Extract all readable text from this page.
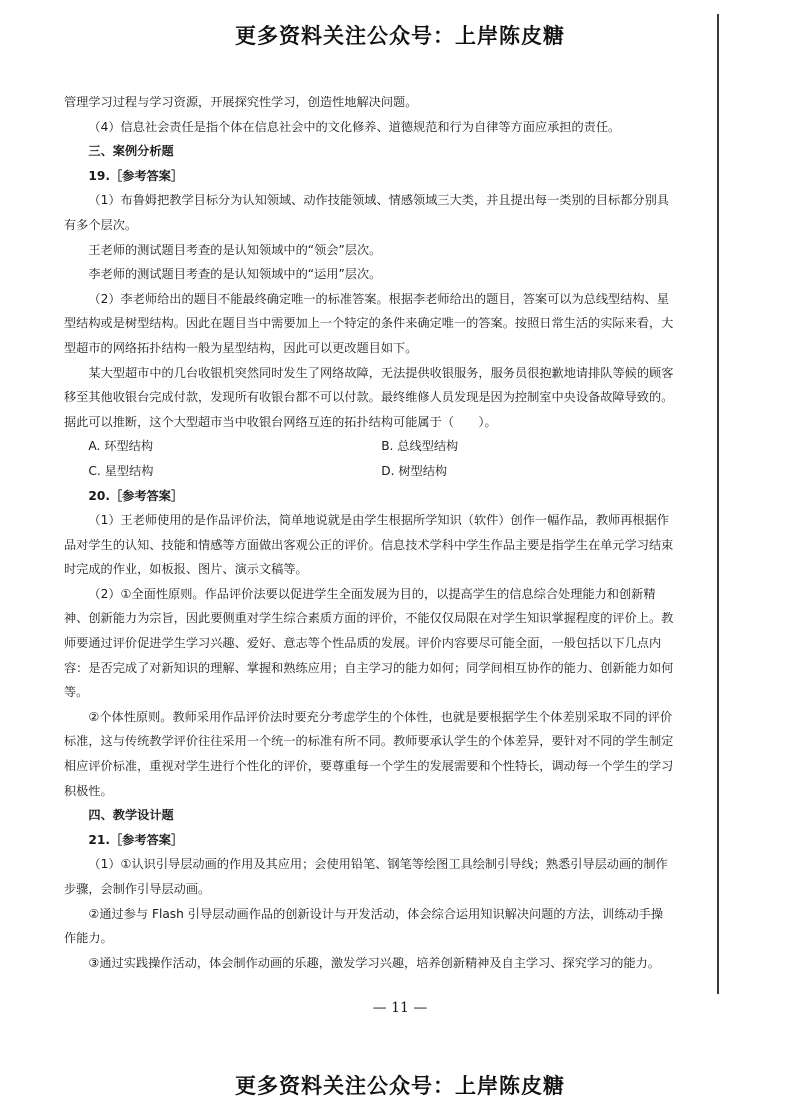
更多资料关注公众号：上岸陈皮糖

管理学习过程与学习资源，开展探究性学习，创造性地解决问题。

（4）信息社会责任是指个体在信息社会中的文化修养、道德规范和行为自律等方面应承担的责任。

三、案例分析题

19.［参考答案］

（1）布鲁姆把教学目标分为认知领域、动作技能领域、情感领域三大类，并且提出每一类别的目标都分别具有多个层次。

王老师的测试题目考查的是认知领域中的“领会”层次。

李老师的测试题目考查的是认知领域中的“运用”层次。

（2）李老师给出的题目不能最终确定唯一的标准答案。根据李老师给出的题目，答案可以为总线型结构、星型结构或是树型结构。因此在题目当中需要加上一个特定的条件来确定唯一的答案。按照日常生活的实际来看，大型超市的网络拓扑结构一般为星型结构，因此可以更改题目如下。

某大型超市中的几台收银机突然同时发生了网络故障，无法提供收银服务，服务员很抱歉地请排队等候的顾客移至其他收银台完成付款，发现所有收银台都不可以付款。最终维修人员发现是因为控制室中央设备故障导致的。据此可以推断，这个大型超市当中收银台网络互连的拓扑结构可能属于（　　）。

A. 环型结构	B. 总线型结构
C. 星型结构	D. 树型结构

20.［参考答案］

（1）王老师使用的是作品评价法，简单地说就是由学生根据所学知识（软件）创作一幅作品，教师再根据作品对学生的认知、技能和情感等方面做出客观公正的评价。信息技术学科中学生作品主要是指学生在单元学习结束时完成的作业，如板报、图片、演示文稿等。

（2）①全面性原则。作品评价法要以促进学生全面发展为目的，以提高学生的信息综合处理能力和创新精神、创新能力为宗旨，因此要侧重对学生综合素质方面的评价，不能仅仅局限在对学生知识掌握程度的评价上。教师要通过评价促进学生学习兴趣、爱好、意志等个性品质的发展。评价内容要尽可能全面，一般包括以下几点内容：是否完成了对新知识的理解、掌握和熟练应用；自主学习的能力如何；同学间相互协作的能力、创新能力如何等。

②个体性原则。教师采用作品评价法时要充分考虑学生的个体性，也就是要根据学生个体差别采取不同的评价标准，这与传统教学评价往往采用一个统一的标准有所不同。教师要承认学生的个体差异，要针对不同的学生制定相应评价标准，重视对学生进行个性化的评价，要尊重每一个学生的发展需要和个性特长，调动每一个学生的学习积极性。

四、教学设计题

21.［参考答案］

（1）①认识引导层动画的作用及其应用；会使用铅笔、钢笔等绘图工具绘制引导线；熟悉引导层动画的制作步骤，会制作引导层动画。

②通过参与 Flash 引导层动画作品的创新设计与开发活动，体会综合运用知识解决问题的方法，训练动手操作能力。

③通过实践操作活动，体会制作动画的乐趣，激发学习兴趣，培养创新精神及自主学习、探究学习的能力。

— 11 —
更多资料关注公众号：上岸陈皮糖
